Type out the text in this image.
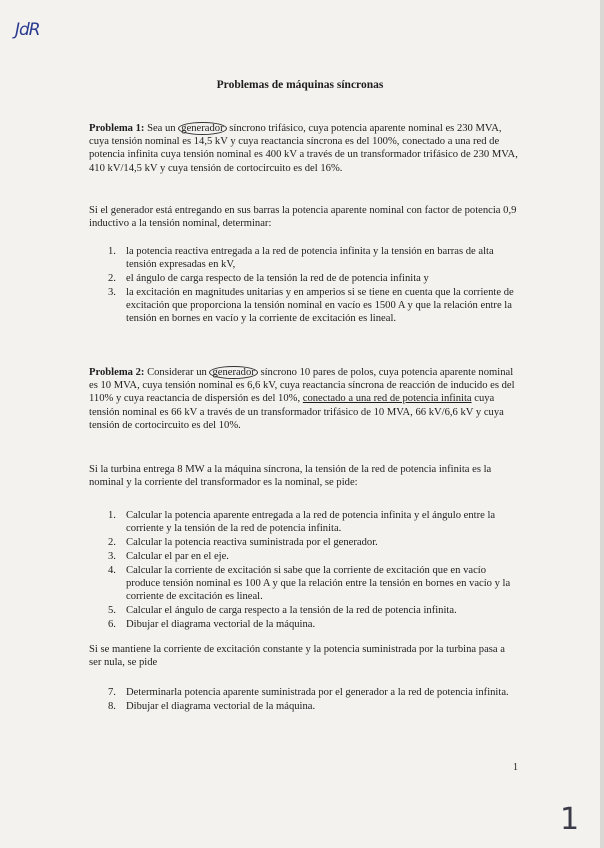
JdR
Problemas de máquinas síncronas

Problema 1: Sea un generador síncrono trifásico, cuya potencia aparente nominal es 230 MVA, cuya tensión nominal es 14,5 kV y cuya reactancia síncrona es del 100%, conectado a una red de potencia infinita cuya tensión nominal es 400 kV a través de un transformador trifásico de 230 MVA, 410 kV/14,5 kV y cuya tensión de cortocircuito es del 16%.

Si el generador está entregando en sus barras la potencia aparente nominal con factor de potencia 0,9 inductivo a la tensión nominal, determinar:
1. la potencia reactiva entregada a la red de potencia infinita y la tensión en barras de alta tensión expresadas en kV,
2. el ángulo de carga respecto de la tensión la red de de potencia infinita y
3. la excitación en magnitudes unitarias y en amperios si se tiene en cuenta que la corriente de excitación que proporciona la tensión nominal en vacío es 1500 A y que la relación entre la tensión en bornes en vacío y la corriente de excitación es lineal.

Problema 2: Considerar un generador síncrono 10 pares de polos, cuya potencia aparente nominal es 10 MVA, cuya tensión nominal es 6,6 kV, cuya reactancia síncrona de reacción de inducido es del 110% y cuya reactancia de dispersión es del 10%, conectado a una red de potencia infinita cuya tensión nominal es 66 kV a través de un transformador trifásico de 10 MVA, 66 kV/6,6 kV y cuya tensión de cortocircuito es del 10%.

Si la turbina entrega 8 MW a la máquina síncrona, la tensión de la red de potencia infinita es la nominal y la corriente del transformador es la nominal, se pide:
1. Calcular la potencia aparente entregada a la red de potencia infinita y el ángulo entre la corriente y la tensión de la red de potencia infinita.
2. Calcular la potencia reactiva suministrada por el generador.
3. Calcular el par en el eje.
4. Calcular la corriente de excitación si sabe que la corriente de excitación que en vacío produce tensión nominal es 100 A y que la relación entre la tensión en bornes en vacío y la corriente de excitación es lineal.
5. Calcular el ángulo de carga respecto a la tensión de la red de potencia infinita.
6. Dibujar el diagrama vectorial de la máquina.
Si se mantiene la corriente de excitación constante y la potencia suministrada por la turbina pasa a ser nula, se pide
7. Determinarla potencia aparente suministrada por el generador a la red de potencia infinita.
8. Dibujar el diagrama vectorial de la máquina.
1
1
